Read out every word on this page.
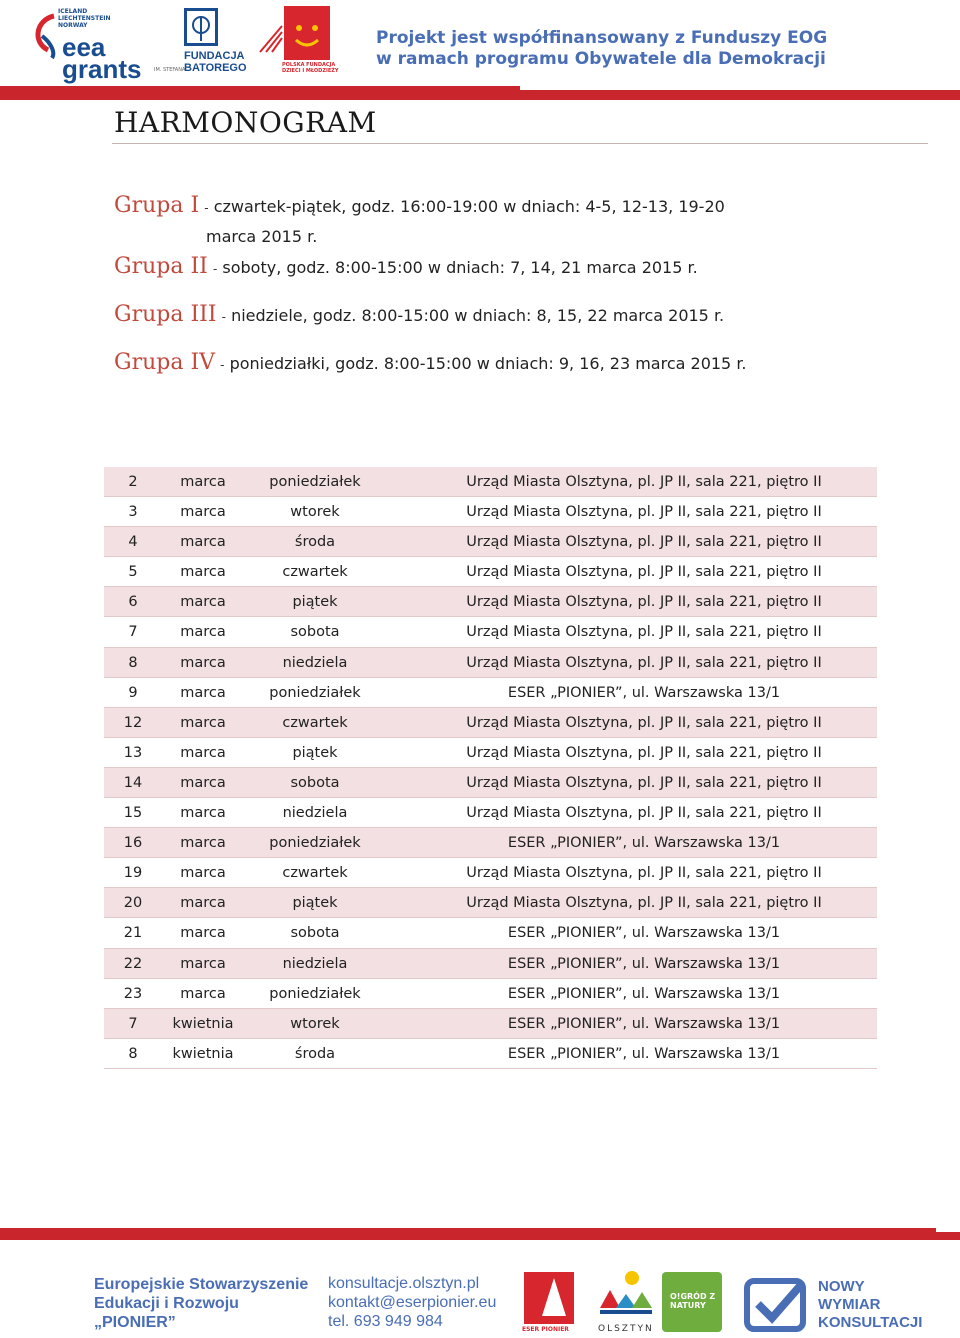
ICELAND LIECHTENSTEIN NORWAY
eea
grants	FUNDACJA BATOREGO
IM. STEFANA
POLSKA FUNDACJA DZIECI I MŁODZIEŻY
Projekt jest współfinansowany z Funduszy EOG
w ramach programu Obywatele dla Demokracji
HARMONOGRAM
Grupa I - czwartek-piątek, godz. 16:00-19:00 w dniach: 4-5, 12-13, 19-20
marca 2015 r.
Grupa II - soboty, godz. 8:00-15:00 w dniach: 7, 14, 21 marca 2015 r.
Grupa III - niedziele, godz. 8:00-15:00 w dniach: 8, 15, 22 marca 2015 r.
Grupa IV - poniedziałki, godz. 8:00-15:00 w dniach: 9, 16, 23 marca 2015 r.
2	marca	poniedziałek	Urząd Miasta Olsztyna, pl. JP II, sala 221, piętro II
3	marca	wtorek	Urząd Miasta Olsztyna, pl. JP II, sala 221, piętro II
4	marca	środa	Urząd Miasta Olsztyna, pl. JP II, sala 221, piętro II
5	marca	czwartek	Urząd Miasta Olsztyna, pl. JP II, sala 221, piętro II
6	marca	piątek	Urząd Miasta Olsztyna, pl. JP II, sala 221, piętro II
7	marca	sobota	Urząd Miasta Olsztyna, pl. JP II, sala 221, piętro II
8	marca	niedziela	Urząd Miasta Olsztyna, pl. JP II, sala 221, piętro II
9	marca	poniedziałek	ESER „PIONIER”, ul. Warszawska 13/1
12	marca	czwartek	Urząd Miasta Olsztyna, pl. JP II, sala 221, piętro II
13	marca	piątek	Urząd Miasta Olsztyna, pl. JP II, sala 221, piętro II
14	marca	sobota	Urząd Miasta Olsztyna, pl. JP II, sala 221, piętro II
15	marca	niedziela	Urząd Miasta Olsztyna, pl. JP II, sala 221, piętro II
16	marca	poniedziałek	ESER „PIONIER”, ul. Warszawska 13/1
19	marca	czwartek	Urząd Miasta Olsztyna, pl. JP II, sala 221, piętro II
20	marca	piątek	Urząd Miasta Olsztyna, pl. JP II, sala 221, piętro II
21	marca	sobota	ESER „PIONIER”, ul. Warszawska 13/1
22	marca	niedziela	ESER „PIONIER”, ul. Warszawska 13/1
23	marca	poniedziałek	ESER „PIONIER”, ul. Warszawska 13/1
7	kwietnia	wtorek	ESER „PIONIER”, ul. Warszawska 13/1
8	kwietnia	środa	ESER „PIONIER”, ul. Warszawska 13/1
Europejskie Stowarzyszenie
Edukacji i Rozwoju
„PIONIER”
konsultacje.olsztyn.pl
kontakt@eserpionier.eu
tel. 693 949 984	ESER PIONIER	OLSZTYN
O!GRÓD Z NATURY
NOWY
WYMIAR
KONSULTACJI
